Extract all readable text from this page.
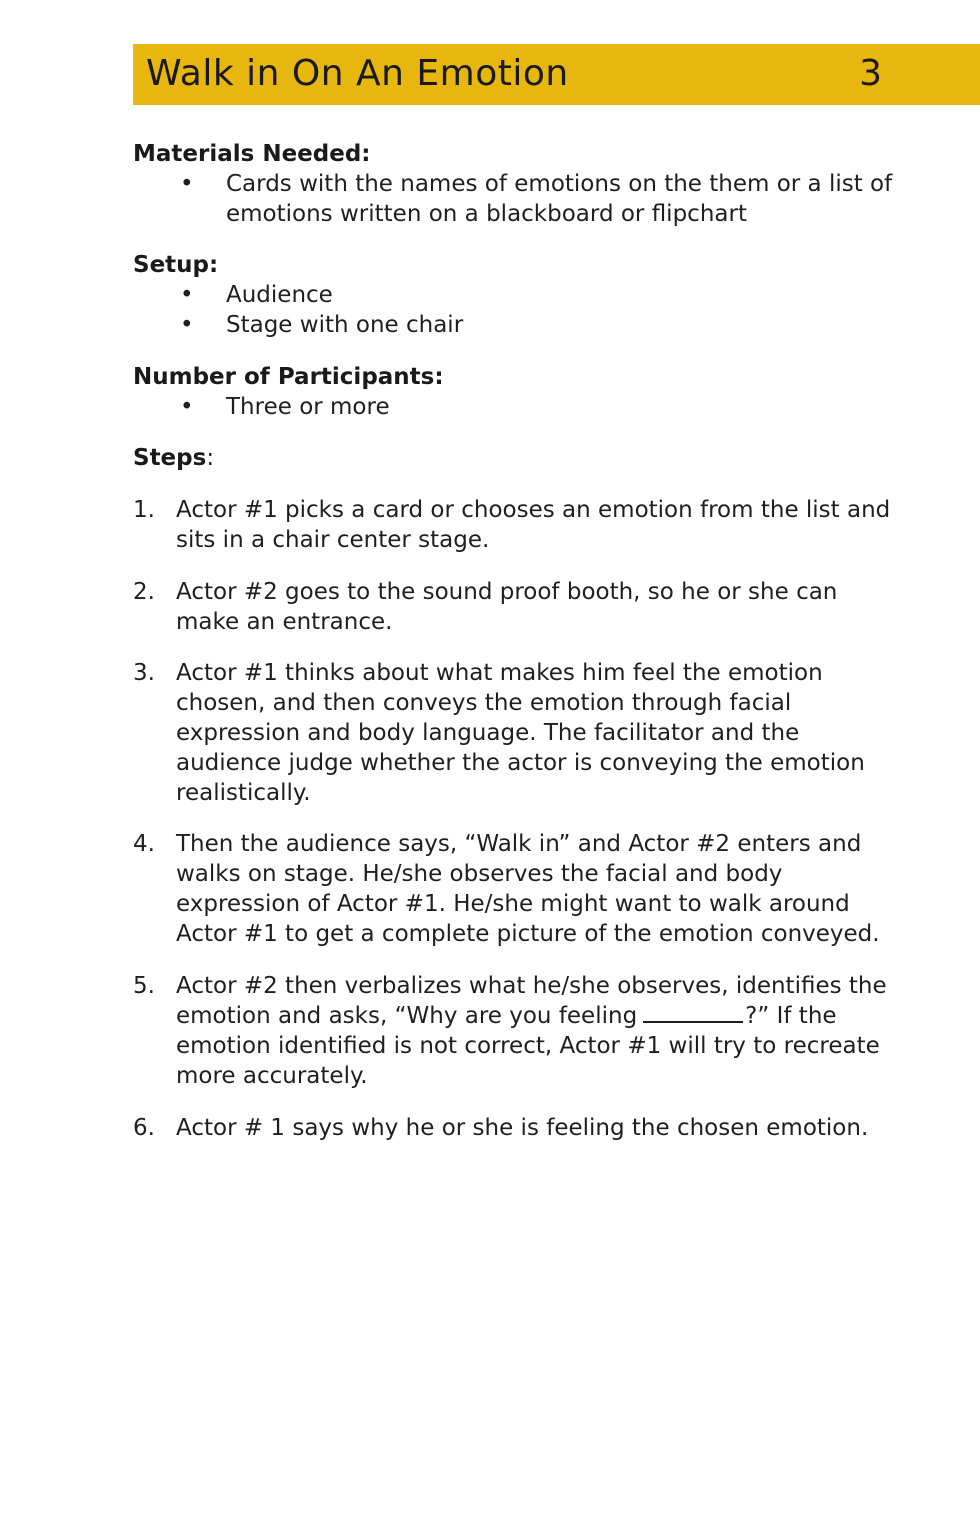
Walk in On An Emotion	3

Materials Needed:

• Cards with the names of emotions on the them or a list of emotions written on a blackboard or flipchart

Setup:

• Audience
• Stage with one chair

Number of Participants:

• Three or more

Steps:

1. Actor #1 picks a card or chooses an emotion from the list and sits in a chair center stage.
2. Actor #2 goes to the sound proof booth, so he or she can make an entrance.
3. Actor #1 thinks about what makes him feel the emotion chosen, and then conveys the emotion through facial expression and body language. The facilitator and the audience judge whether the actor is conveying the emotion realistically.
4. Then the audience says, “Walk in” and Actor #2 enters and walks on stage. He/she observes the facial and body expression of Actor #1. He/she might want to walk around Actor #1 to get a complete picture of the emotion conveyed.
5. Actor #2 then verbalizes what he/she observes, identifies the emotion and asks, “Why are you feeling	?” If the emotion identified is not correct, Actor #1 will try to recreate more accurately.
6. Actor # 1 says why he or she is feeling the chosen emotion.
